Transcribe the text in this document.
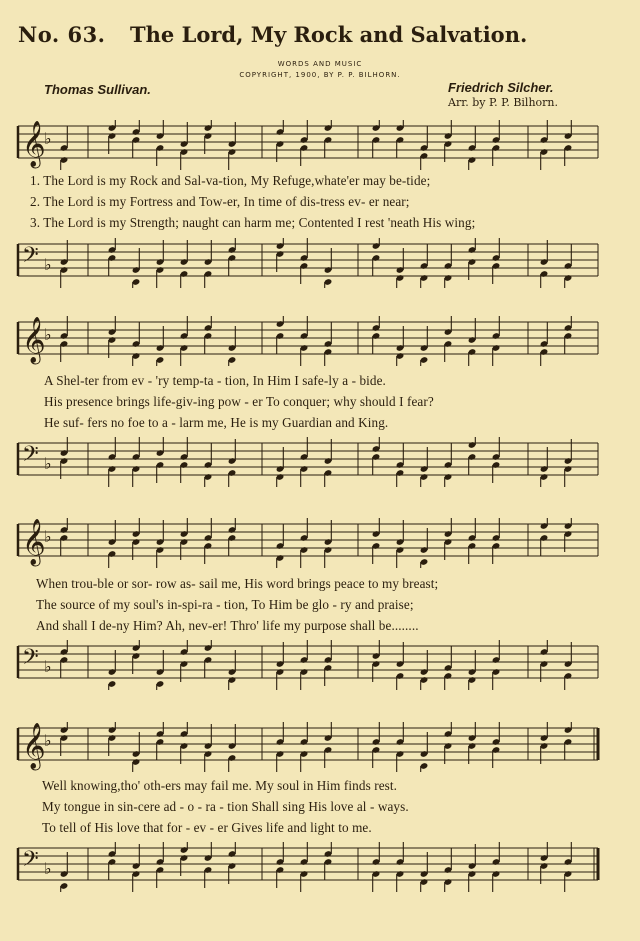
No. 63. The Lord, My Rock and Salvation.
WORDS AND MUSIC
COPYRIGHT, 1900, BY P. P. BILHORN.
Thomas Sullivan.	Friedrich Silcher.
Arr. by P. P. Bilhorn.
𝄞
♭
1. The Lord is my Rock and Sal-va-tion, My Refuge,whate'er may be-tide;
2. The Lord is my Fortress and Tow-er, In time of dis-tress ev- er near;
3. The Lord is my Strength; naught can harm me; Contented I rest 'neath His wing;
𝄢 ♭
𝄞
♭
A Shel-ter from ev - 'ry temp-ta - tion, In Him I safe-ly a - bide.
His presence brings life-giv-ing pow - er To conquer; why should I fear?
He suf- fers no foe to a - larm me, He is my Guardian and King.
𝄢 ♭
𝄞
♭
When trou-ble or sor- row as- sail me, His word brings peace to my breast;
The source of my soul's in-spi-ra - tion, To Him be glo - ry and praise;
And shall I de-ny Him? Ah, nev-er! Thro' life my purpose shall be........
𝄢 ♭
𝄞
♭
Well knowing,tho' oth-ers may fail me. My soul in Him finds rest.
My tongue in sin-cere ad - o - ra - tion Shall sing His love al - ways.
To tell of His love that for - ev - er Gives life and light to me.
𝄢 ♭
